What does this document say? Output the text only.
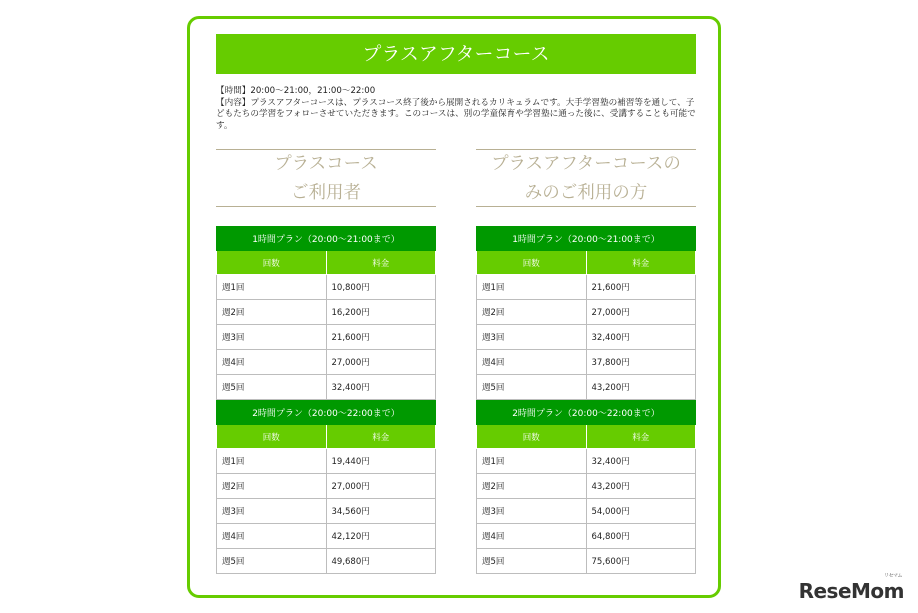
プラスアフターコース

【時間】20:00～21:00，21:00～22:00

【内容】プラスアフターコースは、プラスコース終了後から展開されるカリキュラムです。大手学習塾の補習等を通して、子どもたちの学習をフォローさせていただきます。このコースは、別の学童保育や学習塾に通った後に、受講することも可能です。

プラスコース
ご利用者
プラスアフターコースの
みのご利用の方
1時間プラン（20:00～21:00まで）	
回数	料金
週1回	10,800円
週2回	16,200円
週3回	21,600円
週4回	27,000円
週5回	32,400円
2時間プラン（20:00～22:00まで）	
回数	料金
週1回	19,440円
週2回	27,000円
週3回	34,560円
週4回	42,120円
週5回	49,680円
1時間プラン（20:00～21:00まで）	
回数	料金
週1回	21,600円
週2回	27,000円
週3回	32,400円
週4回	37,800円
週5回	43,200円
2時間プラン（20:00～22:00まで）	
回数	料金
週1回	32,400円
週2回	43,200円
週3回	54,000円
週4回	64,800円
週5回	75,600円
ReseMom
リセマム
